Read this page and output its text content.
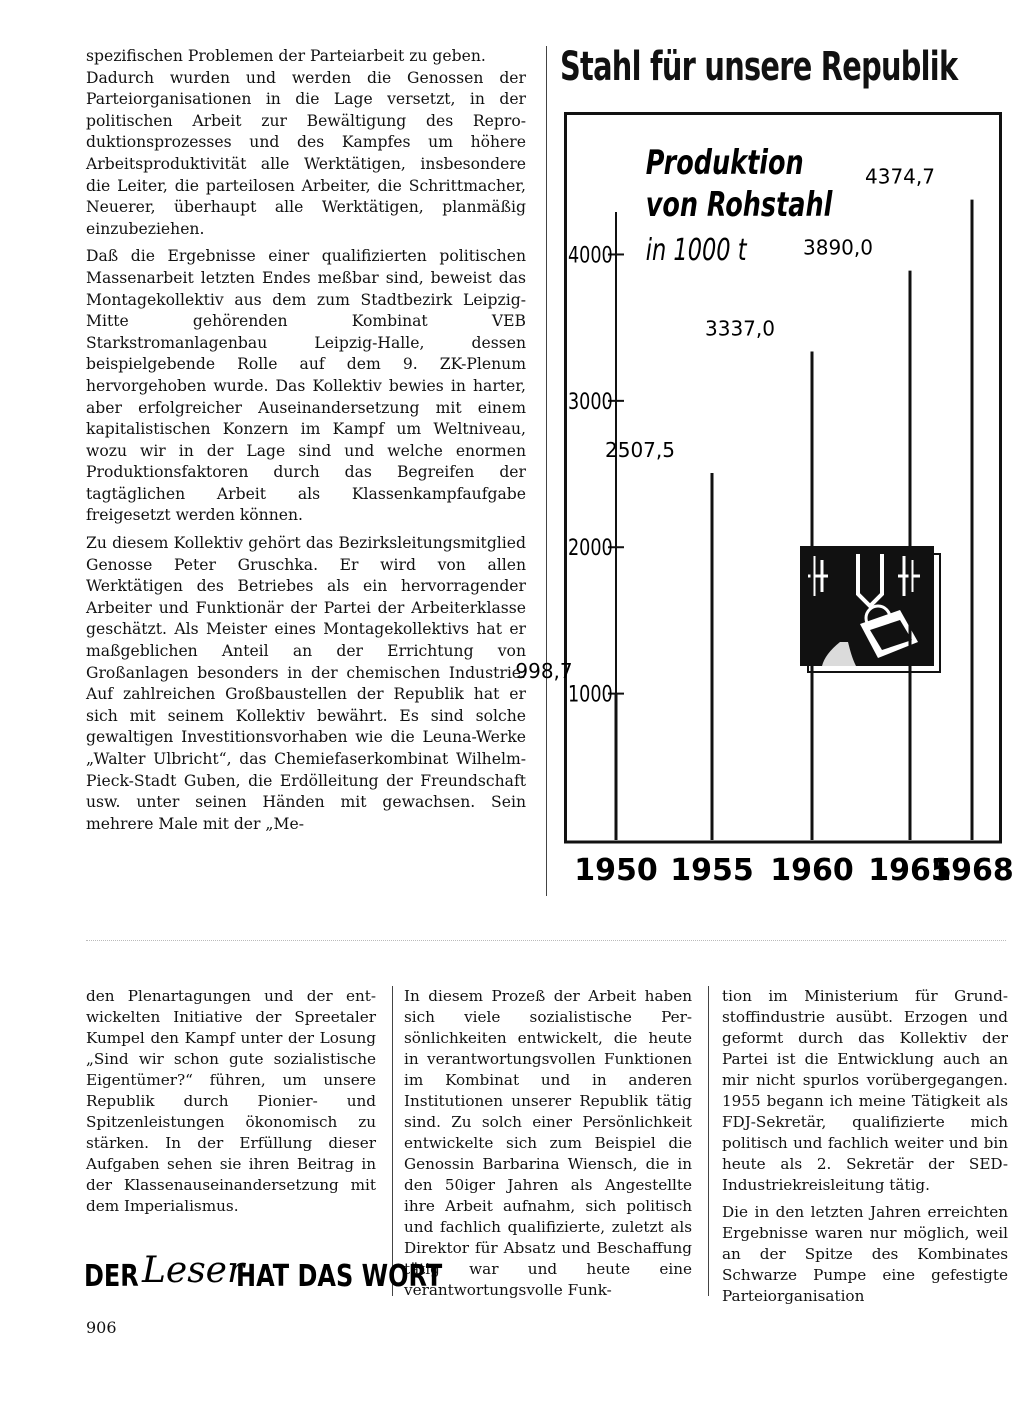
spezifischen Problemen der Parteiarbeit zu geben.

Dadurch wurden und werden die Genossen der Parteiorganisationen in die Lage versetzt, in der politischen Arbeit zur Bewältigung des Reproduktionsprozesses und des Kampfes um höhere Arbeitsproduktivität alle Werktätigen, insbesondere die Leiter, die parteilosen Arbeiter, die Schrittmacher, Neuerer, überhaupt alle Werktätigen, planmäßig einzubeziehen.

Daß die Ergebnisse einer qualifizierten politischen Massenarbeit letzten Endes meßbar sind, beweist das Montagekollektiv aus dem zum Stadtbezirk Leipzig-Mitte gehörenden Kombinat VEB Starkstromanlagenbau Leipzig-Halle, dessen beispielgebende Rolle auf dem 9. ZK-Plenum hervorgehoben wurde. Das Kollektiv bewies in harter, aber erfolgreicher Auseinandersetzung mit einem kapitalistischen Konzern im Kampf um Weltniveau, wozu wir in der Lage sind und welche enormen Produktionsfaktoren durch das Begreifen der tagtäglichen Arbeit als Klassenkampfaufgabe freigesetzt werden können.

Zu diesem Kollektiv gehört das Bezirksleitungsmitglied Genosse Peter Gruschka. Er wird von allen Werktätigen des Betriebes als ein hervorragender Arbeiter und Funktionär der Partei der Arbeiterklasse geschätzt. Als Meister eines Montagekollektivs hat er maßgeblichen Anteil an der Errichtung von Großanlagen besonders in der chemischen Industrie. Auf zahlreichen Großbaustellen der Republik hat er sich mit seinem Kollektiv bewährt. Es sind solche gewaltigen Investitionsvorhaben wie die Leuna-Werke „Walter Ulbricht“, das Chemiefaserkombinat Wilhelm-Pieck-Stadt Guben, die Erdölleitung der Freundschaft usw. unter seinen Händen mit gewachsen. Sein mehrere Male mit der „Me-

Stahl für unsere Republik
Produktion
von Rohstahl
in 1000 t
1000
2000
3000
4000
998,7
1950
2507,5
1955
3337,0
1960
3890,0
1965
4374,7
1968

den Plenartagungen und der entwickelten Initiative der Spreetaler Kumpel den Kampf unter der Losung „Sind wir schon gute sozialistische Eigentümer?“ führen, um unsere Republik durch Pionier- und Spitzenleistungen ökonomisch zu stärken. In der Erfüllung dieser Aufgaben sehen sie ihren Beitrag in der Klassenauseinandersetzung mit dem Imperialismus.

In diesem Prozeß der Arbeit haben sich viele sozialistische Persönlichkeiten entwickelt, die heute in verantwortungsvollen Funktionen im Kombinat und in anderen Institutionen unserer Republik tätig sind. Zu solch einer Persönlichkeit entwickelte sich zum Beispiel die Genossin Barbarina Wiensch, die in den 50iger Jahren als Angestellte ihre Arbeit aufnahm, sich politisch und fachlich qualifizierte, zuletzt als Direktor für Absatz und Beschaffung tätig war und heute eine verantwortungsvolle Funk-

tion im Ministerium für Grundstoffindustrie ausübt. Erzogen und geformt durch das Kollektiv der Partei ist die Entwicklung auch an mir nicht spurlos vorübergegangen. 1955 begann ich meine Tätigkeit als FDJ-Sekretär, qualifizierte mich politisch und fachlich weiter und bin heute als 2. Sekretär der SED-Industriekreisleitung tätig.

Die in den letzten Jahren erreichten Ergebnisse waren nur möglich, weil an der Spitze des Kombinates Schwarze Pumpe eine gefestigte Parteiorganisation

DER Leser
HAT DAS WORT
906
